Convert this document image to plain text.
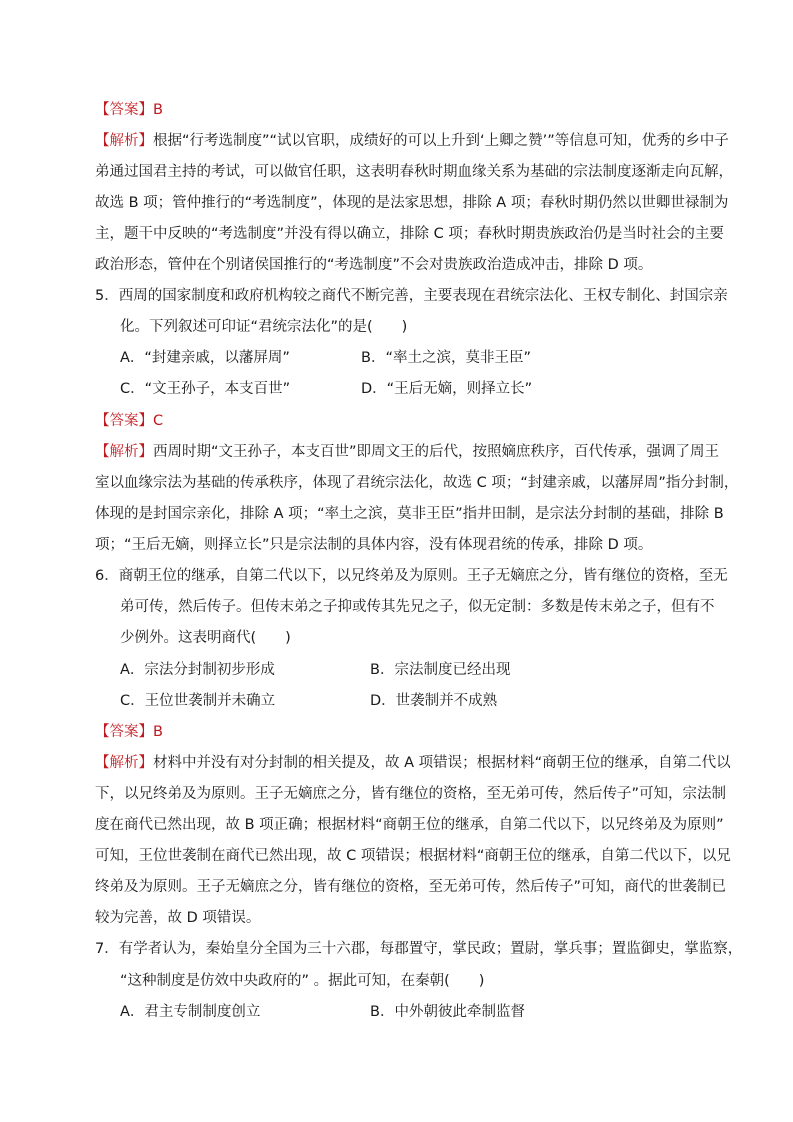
【答案】B
【解析】根据“行考选制度”“试以官职，成绩好的可以上升到‘上卿之赞’”等信息可知，优秀的乡中子
弟通过国君主持的考试，可以做官任职，这表明春秋时期血缘关系为基础的宗法制度逐渐走向瓦解，
故选 B 项；管仲推行的“考选制度”，体现的是法家思想，排除 A 项；春秋时期仍然以世卿世禄制为
主，题干中反映的“考选制度”并没有得以确立，排除 C 项；春秋时期贵族政治仍是当时社会的主要
政治形态，管仲在个别诸侯国推行的“考选制度”不会对贵族政治造成冲击，排除 D 项。
5．西周的国家制度和政府机构较之商代不断完善，主要表现在君统宗法化、王权专制化、封国宗亲
化。下列叙述可印证“君统宗法化”的是(　　)
A．“封建亲戚，以藩屏周”	B．“率土之滨，莫非王臣”
C．“文王孙子，本支百世”	D．“王后无嫡，则择立长”
【答案】C
【解析】西周时期“文王孙子，本支百世”即周文王的后代，按照嫡庶秩序，百代传承，强调了周王
室以血缘宗法为基础的传承秩序，体现了君统宗法化，故选 C 项；“封建亲戚，以藩屏周”指分封制，
体现的是封国宗亲化，排除 A 项；“率土之滨，莫非王臣”指井田制，是宗法分封制的基础，排除 B
项；“王后无嫡，则择立长”只是宗法制的具体内容，没有体现君统的传承，排除 D 项。
6．商朝王位的继承，自第二代以下，以兄终弟及为原则。王子无嫡庶之分，皆有继位的资格，至无
弟可传，然后传子。但传末弟之子抑或传其先兄之子，似无定制：多数是传末弟之子，但有不
少例外。这表明商代(　　)
A．宗法分封制初步形成	B．宗法制度已经出现
C．王位世袭制并未确立	D．世袭制并不成熟
【答案】B
【解析】材料中并没有对分封制的相关提及，故 A 项错误；根据材料“商朝王位的继承，自第二代以
下，以兄终弟及为原则。王子无嫡庶之分，皆有继位的资格，至无弟可传，然后传子”可知，宗法制
度在商代已然出现，故 B 项正确；根据材料“商朝王位的继承，自第二代以下，以兄终弟及为原则”
可知，王位世袭制在商代已然出现，故 C 项错误；根据材料“商朝王位的继承，自第二代以下，以兄
终弟及为原则。王子无嫡庶之分，皆有继位的资格，至无弟可传，然后传子”可知，商代的世袭制已
较为完善，故 D 项错误。
7．有学者认为，秦始皇分全国为三十六郡，每郡置守，掌民政；置尉，掌兵事；置监御史，掌监察，
“这种制度是仿效中央政府的” 。据此可知，在秦朝(　　)
A．君主专制制度创立	B．中外朝彼此牵制监督
